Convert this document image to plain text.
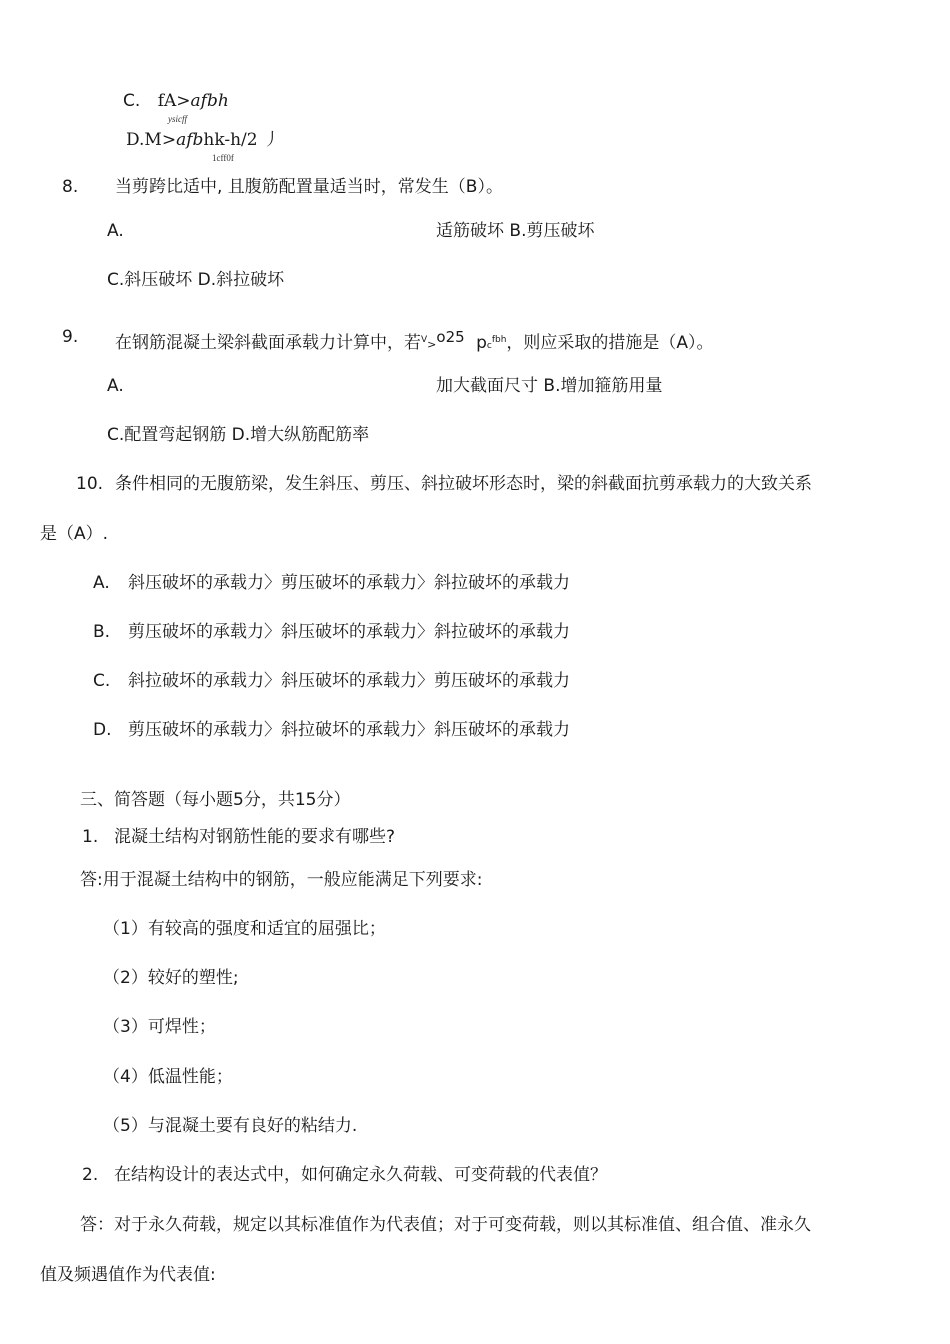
C. fA>afbh
ysicff
D.M>afbhk-h/2 丿
1cff0f
8. 当剪跨比适中, 且腹筋配置量适当时，常发生（B）。
A.	适筋破坏 B.剪压破坏
C.斜压破坏 D.斜拉破坏
9. 在钢筋混凝土梁斜截面承载力计算中，若$^V$>o25 $pc^{fbh}$，则应采取的措施是（A）。
A.	加大截面尺寸 B.增加箍筋用量
C.配置弯起钢筋 D.增大纵筋配筋率
10. 条件相同的无腹筋梁，发生斜压、剪压、斜拉破坏形态时，梁的斜截面抗剪承载力的大致关系
是（A）.
A. 斜压破坏的承载力〉剪压破坏的承载力〉斜拉破坏的承载力
B. 剪压破坏的承载力〉斜压破坏的承载力〉斜拉破坏的承载力
C. 斜拉破坏的承载力〉斜压破坏的承载力〉剪压破坏的承载力
D. 剪压破坏的承载力〉斜拉破坏的承载力〉斜压破坏的承载力
三、简答题（每小题5分，共15分）
1. 混凝土结构对钢筋性能的要求有哪些?
答:用于混凝土结构中的钢筋，一般应能满足下列要求:
（1）有较高的强度和适宜的屈强比；
（2）较好的塑性;
（3）可焊性；
（4）低温性能；
（5）与混凝土要有良好的粘结力.
2. 在结构设计的表达式中，如何确定永久荷载、可变荷载的代表值？
答：对于永久荷载，规定以其标准值作为代表值；对于可变荷载，则以其标准值、组合值、准永久
值及频遇值作为代表值:
